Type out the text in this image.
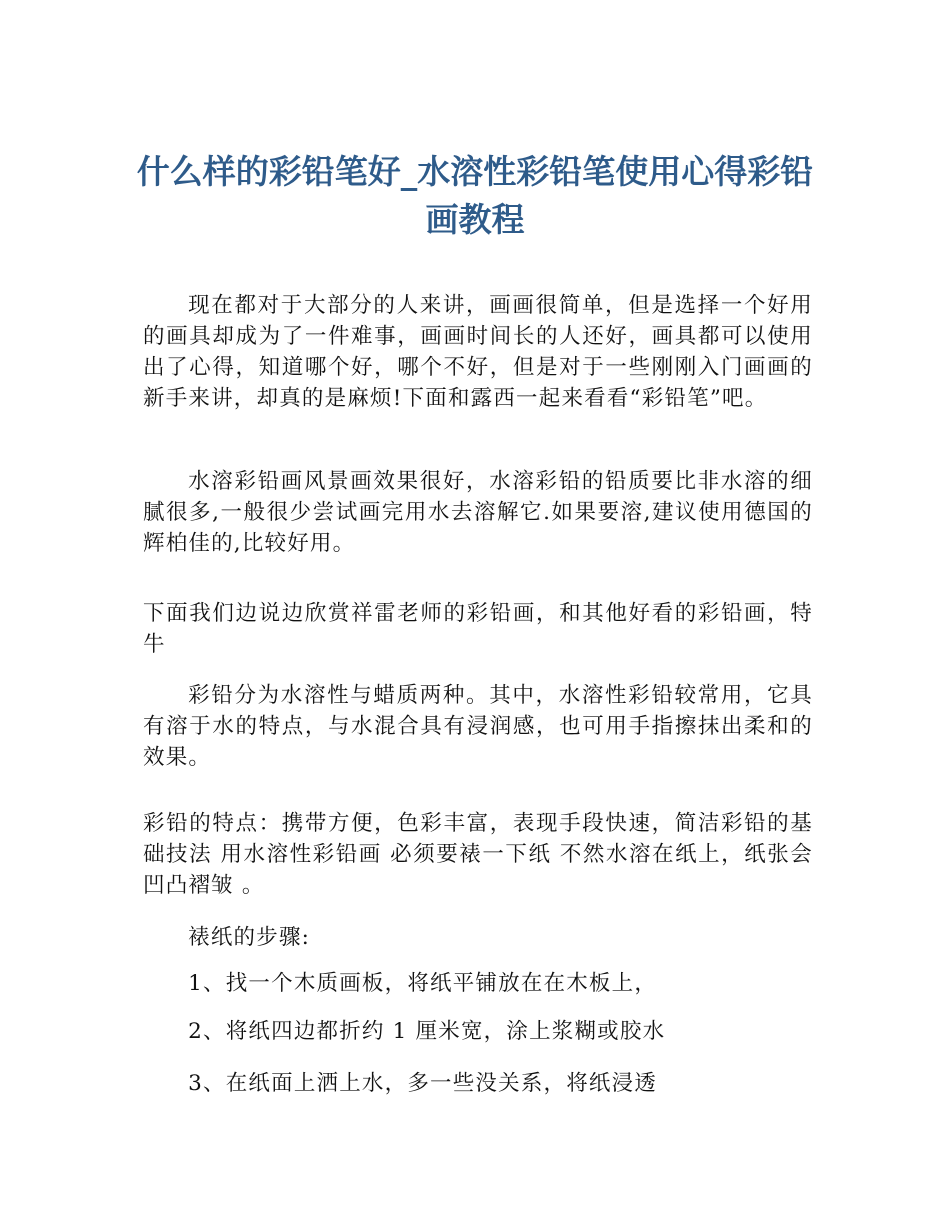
什么样的彩铅笔好_水溶性彩铅笔使用心得彩铅画教程
现在都对于大部分的人来讲，画画很简单，但是选择一个好用的画具却成为了一件难事，画画时间长的人还好，画具都可以使用出了心得，知道哪个好，哪个不好，但是对于一些刚刚入门画画的新手来讲，却真的是麻烦!下面和露西一起来看看“彩铅笔”吧。
水溶彩铅画风景画效果很好，水溶彩铅的铅质要比非水溶的细腻很多,一般很少尝试画完用水去溶解它.如果要溶,建议使用德国的辉柏佳的,比较好用。
下面我们边说边欣赏祥雷老师的彩铅画，和其他好看的彩铅画，特牛
彩铅分为水溶性与蜡质两种。其中，水溶性彩铅较常用，它具有溶于水的特点，与水混合具有浸润感，也可用手指擦抹出柔和的效果。
彩铅的特点：携带方便，色彩丰富，表现手段快速，简洁彩铅的基础技法 用水溶性彩铅画 必须要裱一下纸 不然水溶在纸上，纸张会凹凸褶皱 。
裱纸的步骤:
1、找一个木质画板，将纸平铺放在在木板上，
2、将纸四边都折约 1 厘米宽，涂上浆糊或胶水
3、在纸面上洒上水，多一些没关系，将纸浸透
